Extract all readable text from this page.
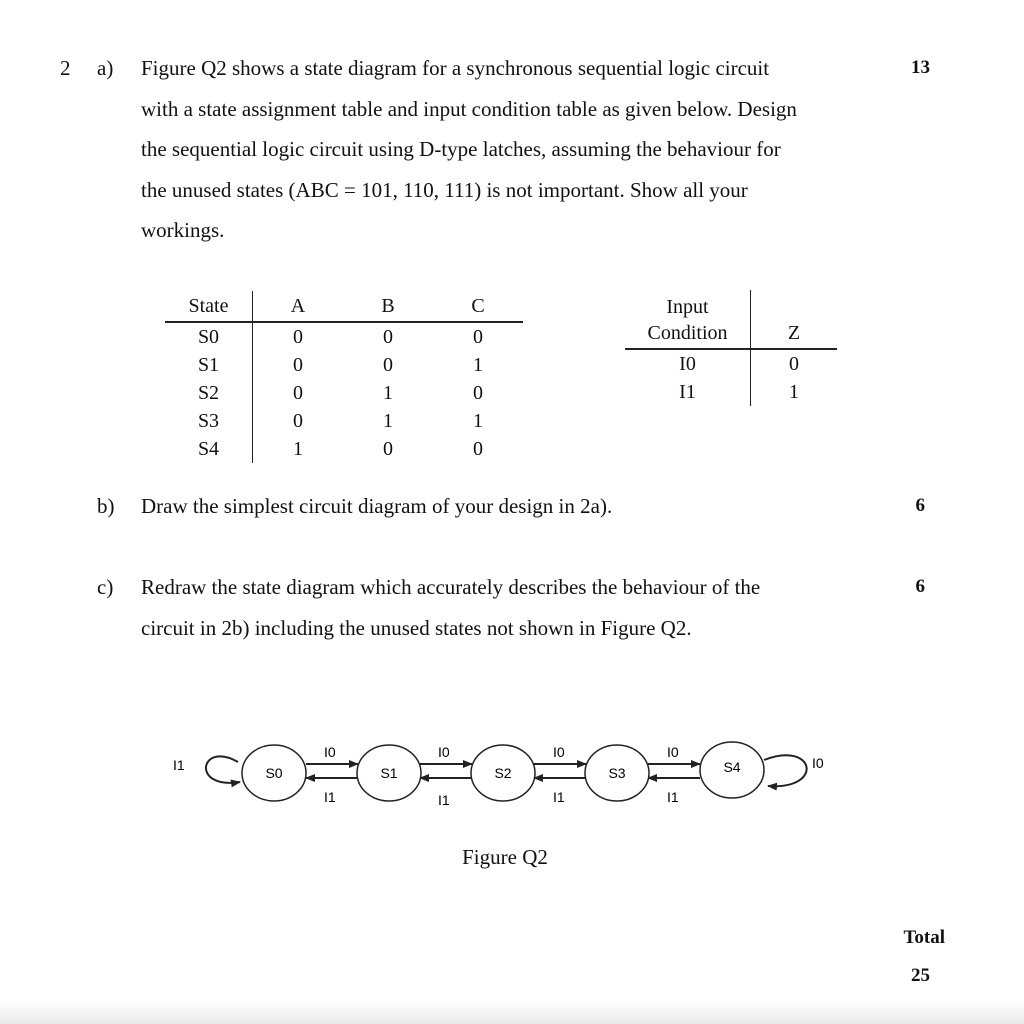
2 a) Figure Q2 shows a state diagram for a synchronous sequential logic circuit
with a state assignment table and input condition table as given below. Design
the sequential logic circuit using D-type latches, assuming the behaviour for
the unused states (ABC = 101, 110, 111) is not important. Show all your
workings.
13
State	A	B	C
S0	0	0	0
S1	0	0	1
S2	0	1	0
S3	0	1	1
S4	1	0	0
Input
Condition	Z
I0	0
I1	1
b) Draw the simplest circuit diagram of your design in 2a).	6
c) Redraw the state diagram which accurately describes the behaviour of the
circuit in 2b) including the unused states not shown in Figure Q2.
6
I1	I0
I0
I1
I0
I1
I0
I1
I0
I1
S0	S1	S2	S3	S4
Figure Q2
Total
25
